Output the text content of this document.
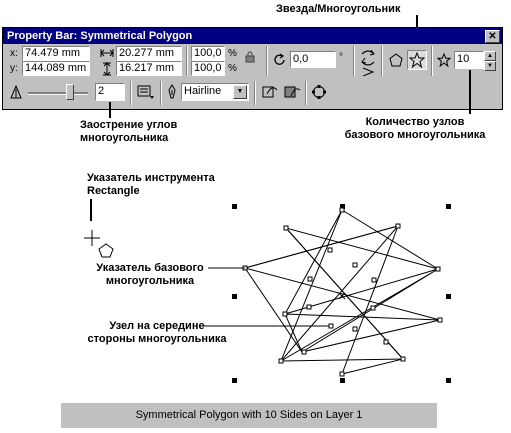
Звезда/Многоугольник
Property Bar: Symmetrical Polygon	✕
x: 74.479 mm
y: 144.089 mm
20.277 mm
16.217 mm
100,0 %
100,0 %
0,0	°	10	▲
▼
2	Hairline	▼
Заострение углов
многоугольника
Количество узлов
базового многоугольника
Указатель инструмента
Rectangle
Указатель базового
многоугольника
Узел на середине
стороны многоугольника
Symmetrical Polygon with 10 Sides on Layer 1
